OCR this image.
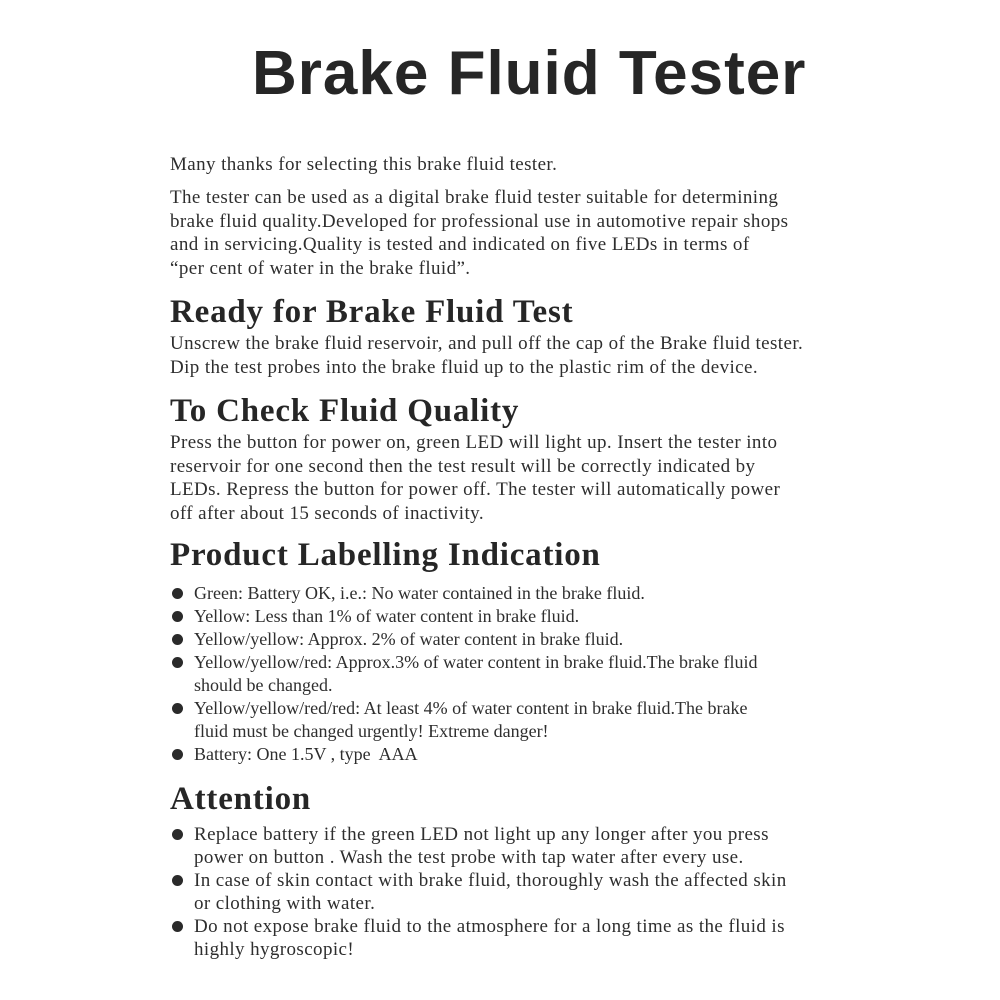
Brake Fluid Tester

Many thanks for selecting this brake fluid tester.

The tester can be used as a digital brake fluid tester suitable for determining
brake fluid quality.Developed for professional use in automotive repair shops
and in servicing.Quality is tested and indicated on five LEDs in terms of
“per cent of water in the brake fluid”.

Ready for Brake Fluid Test

Unscrew the brake fluid reservoir, and pull off the cap of the Brake fluid tester.
Dip the test probes into the brake fluid up to the plastic rim of the device.

To Check Fluid Quality

Press the button for power on, green LED will light up. Insert the tester into
reservoir for one second then the test result will be correctly indicated by
LEDs. Repress the button for power off. The tester will automatically power
off after about 15 seconds of inactivity.

Product Labelling Indication
Green: Battery OK, i.e.: No water contained in the brake fluid.
Yellow: Less than 1% of water content in brake fluid.
Yellow/yellow: Approx. 2% of water content in brake fluid.
Yellow/yellow/red: Approx.3% of water content in brake fluid.The brake fluid
should be changed.
Yellow/yellow/red/red: At least 4% of water content in brake fluid.The brake
fluid must be changed urgently! Extreme danger!
Battery: One 1.5V , type  AAA
Attention
Replace battery if the green LED not light up any longer after you press
power on button . Wash the test probe with tap water after every use.
In case of skin contact with brake fluid, thoroughly wash the affected skin
or clothing with water.
Do not expose brake fluid to the atmosphere for a long time as the fluid is
highly hygroscopic!
